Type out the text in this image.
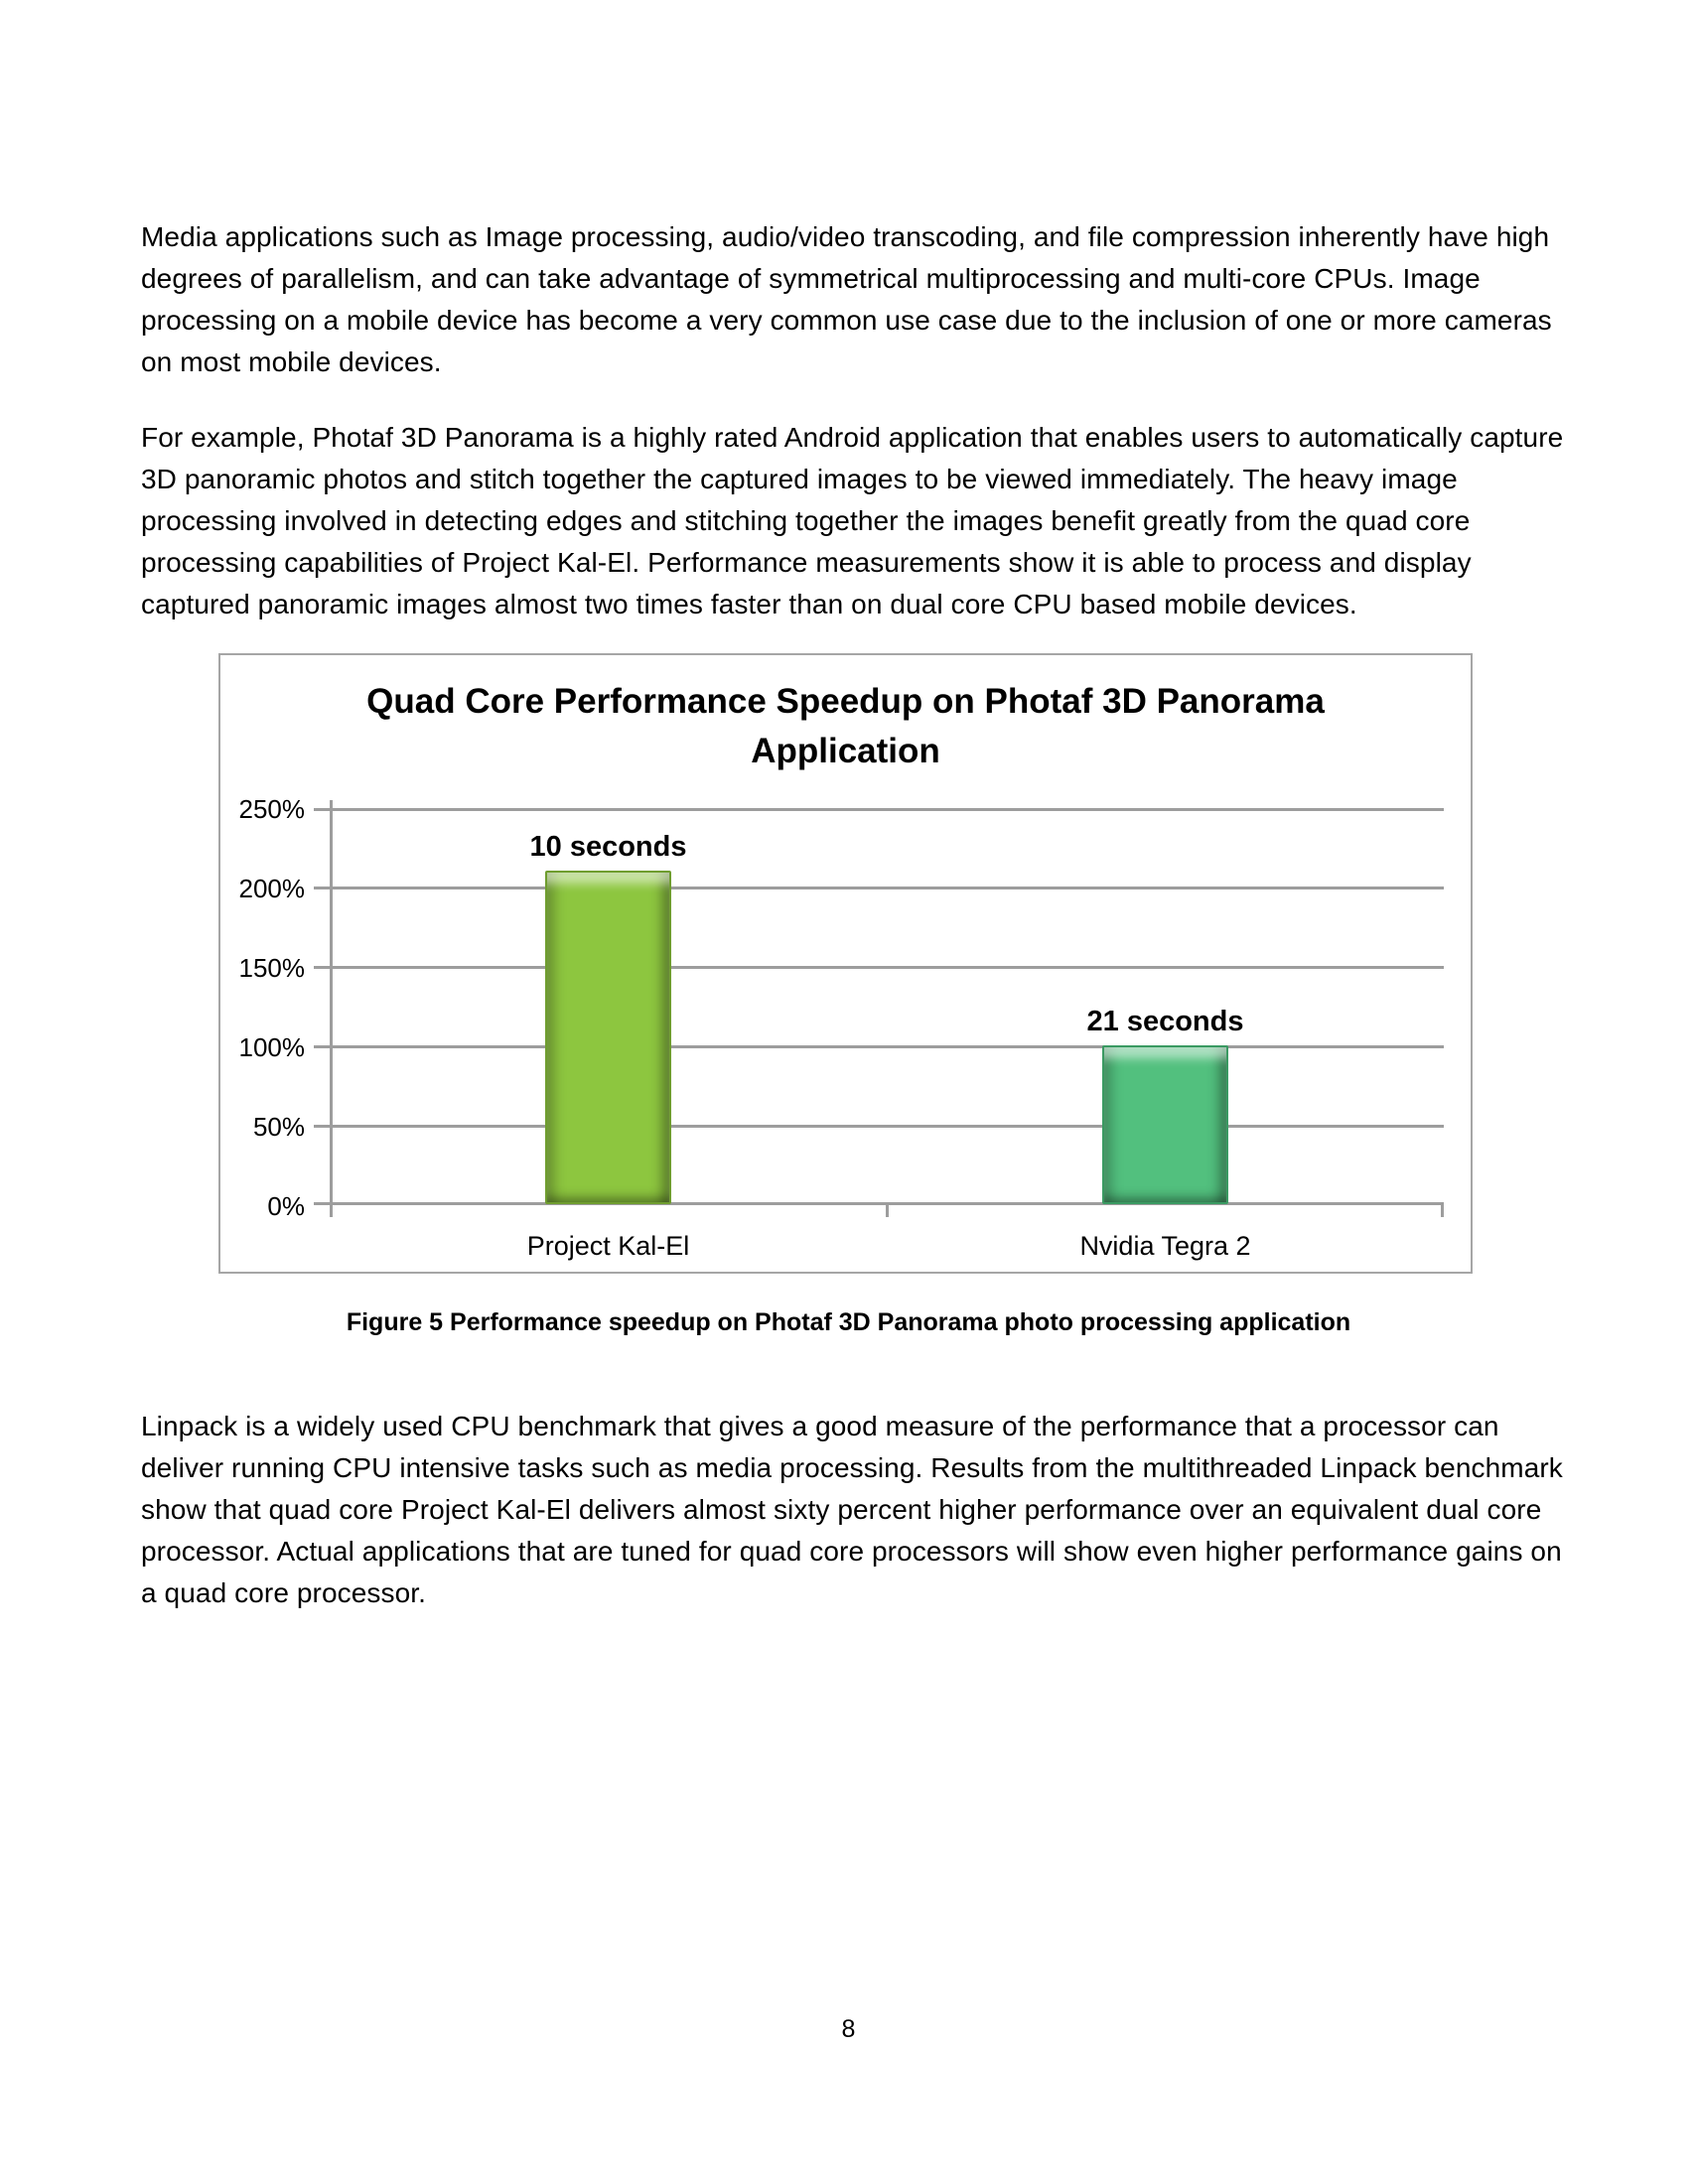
Media applications such as Image processing, audio/video transcoding, and file compression inherently have high degrees of parallelism, and can take advantage of symmetrical multiprocessing and multi-core CPUs. Image processing on a mobile device has become a very common use case due to the inclusion of one or more cameras on most mobile devices.

For example, Photaf 3D Panorama is a highly rated Android application that enables users to automatically capture 3D panoramic photos and stitch together the captured images to be viewed immediately. The heavy image processing involved in detecting edges and stitching together the images benefit greatly from the quad core processing capabilities of Project Kal-El. Performance measurements show it is able to process and display captured panoramic images almost two times faster than on dual core CPU based mobile devices.

Quad Core Performance Speedup on Photaf 3D Panorama Application
0%
50%
100%
150%
200%
250%
10 seconds
Project Kal-El
21 seconds
Nvidia Tegra 2
Figure 5 Performance speedup on Photaf 3D Panorama photo processing application

Linpack is a widely used CPU benchmark that gives a good measure of the performance that a processor can deliver running CPU intensive tasks such as media processing. Results from the multithreaded Linpack benchmark show that quad core Project Kal-El delivers almost sixty percent higher performance over an equivalent dual core processor. Actual applications that are tuned for quad core processors will show even higher performance gains on a quad core processor.

8
